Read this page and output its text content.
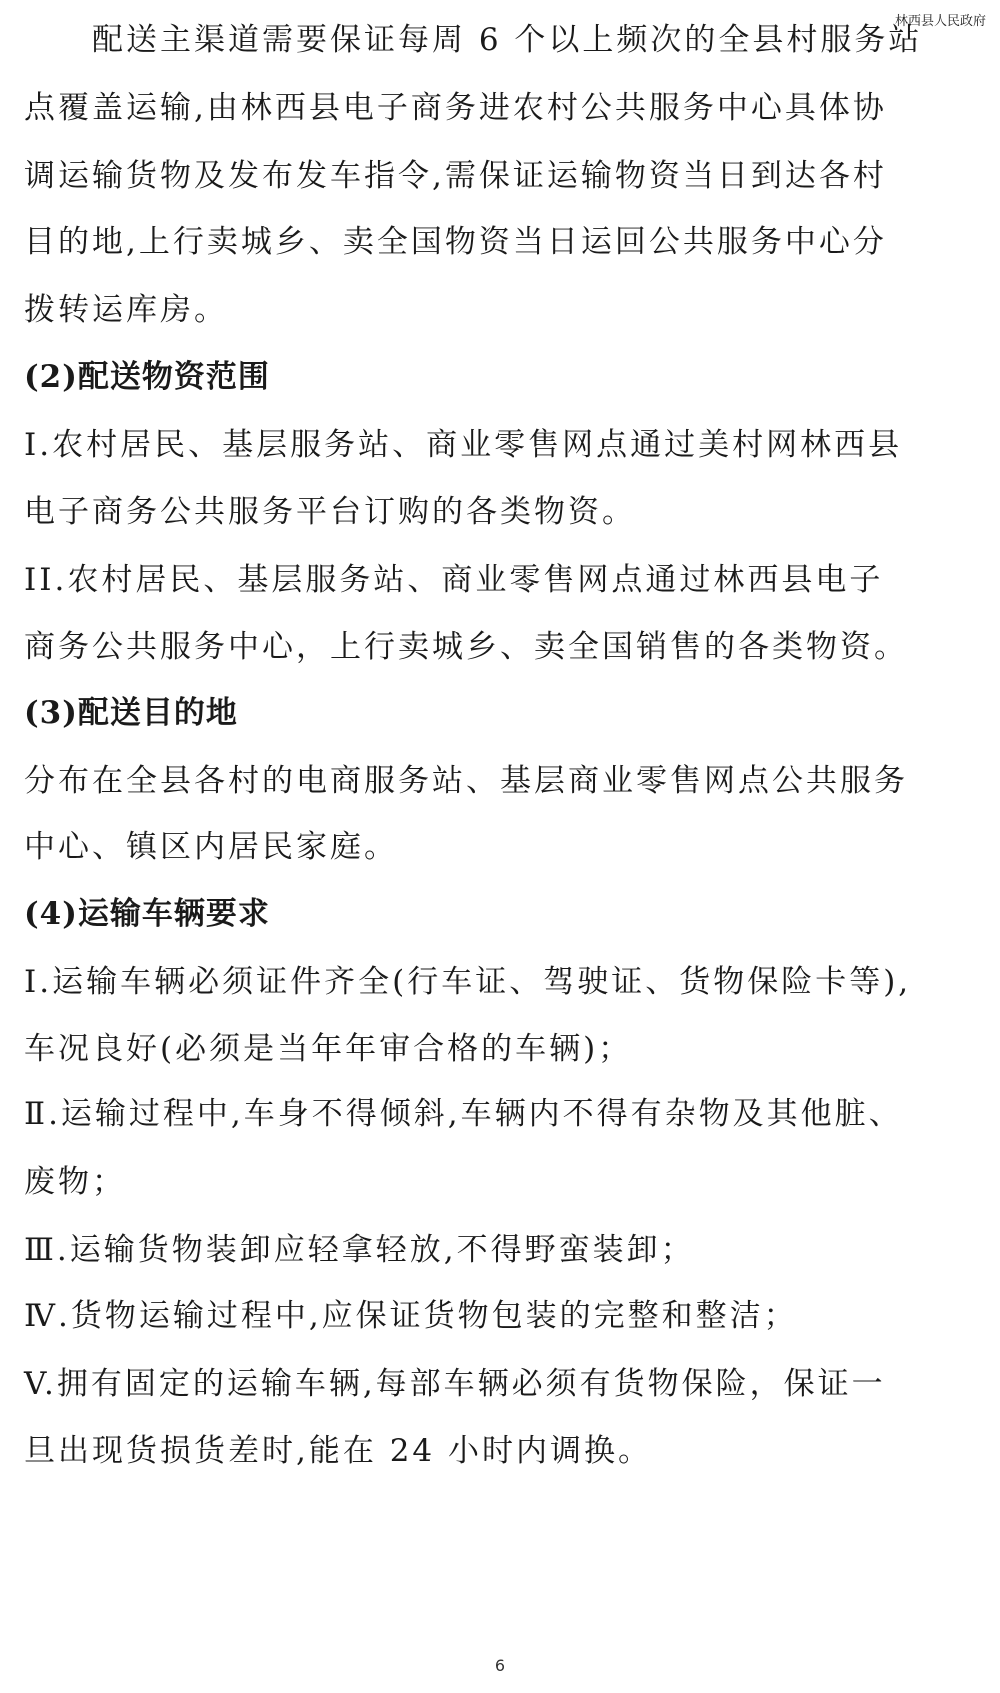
林西县人民政府
　　配送主渠道需要保证每周 6 个以上频次的全县村服务站
点覆盖运输,由林西县电子商务进农村公共服务中心具体协
调运输货物及发布发车指令,需保证运输物资当日到达各村
目的地,上行卖城乡、卖全国物资当日运回公共服务中心分
拨转运库房。
(2)配送物资范围
I.农村居民、基层服务站、商业零售网点通过美村网林西县
电子商务公共服务平台订购的各类物资。
II.农村居民、基层服务站、商业零售网点通过林西县电子
商务公共服务中心，上行卖城乡、卖全国销售的各类物资。
(3)配送目的地
分布在全县各村的电商服务站、基层商业零售网点公共服务
中心、镇区内居民家庭。
(4)运输车辆要求
I.运输车辆必须证件齐全(行车证、驾驶证、货物保险卡等),
车况良好(必须是当年年审合格的车辆)；
Ⅱ.运输过程中,车身不得倾斜,车辆内不得有杂物及其他脏、
废物；
Ⅲ.运输货物装卸应轻拿轻放,不得野蛮装卸；
Ⅳ.货物运输过程中,应保证货物包装的完整和整洁；
V.拥有固定的运输车辆,每部车辆必须有货物保险，保证一
旦出现货损货差时,能在 24 小时内调换。
6
